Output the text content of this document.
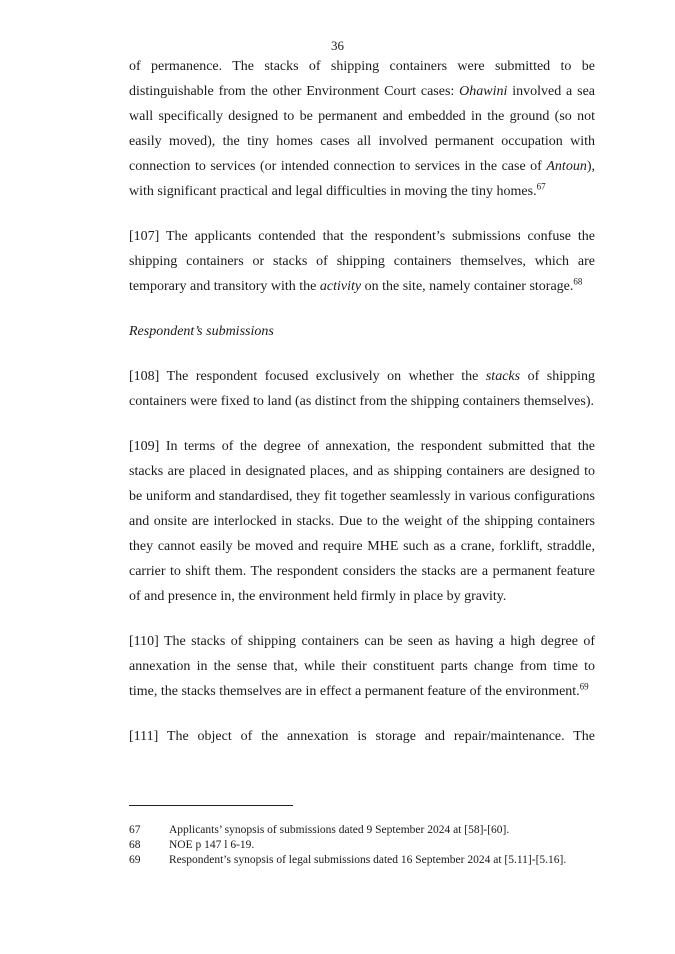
36

of permanence. The stacks of shipping containers were submitted to be distinguishable from the other Environment Court cases: Ohawini involved a sea wall specifically designed to be permanent and embedded in the ground (so not easily moved), the tiny homes cases all involved permanent occupation with connection to services (or intended connection to services in the case of Antoun), with significant practical and legal difficulties in moving the tiny homes.$^{67}$

[107] The applicants contended that the respondent’s submissions confuse the shipping containers or stacks of shipping containers themselves, which are temporary and transitory with the activity on the site, namely container storage.$^{68}$

Respondent’s submissions

[108] The respondent focused exclusively on whether the stacks of shipping containers were fixed to land (as distinct from the shipping containers themselves).

[109] In terms of the degree of annexation, the respondent submitted that the stacks are placed in designated places, and as shipping containers are designed to be uniform and standardised, they fit together seamlessly in various configurations and onsite are interlocked in stacks. Due to the weight of the shipping containers they cannot easily be moved and require MHE such as a crane, forklift, straddle, carrier to shift them. The respondent considers the stacks are a permanent feature of and presence in, the environment held firmly in place by gravity.

[110] The stacks of shipping containers can be seen as having a high degree of annexation in the sense that, while their constituent parts change from time to time, the stacks themselves are in effect a permanent feature of the environment.$^{69}$

[111] The object of the annexation is storage and repair/maintenance. The

67	Applicants’ synopsis of submissions dated 9 September 2024 at [58]-[60].
68	NOE p 147 l 6-19.
69	Respondent’s synopsis of legal submissions dated 16 September 2024 at [5.11]-[5.16].
